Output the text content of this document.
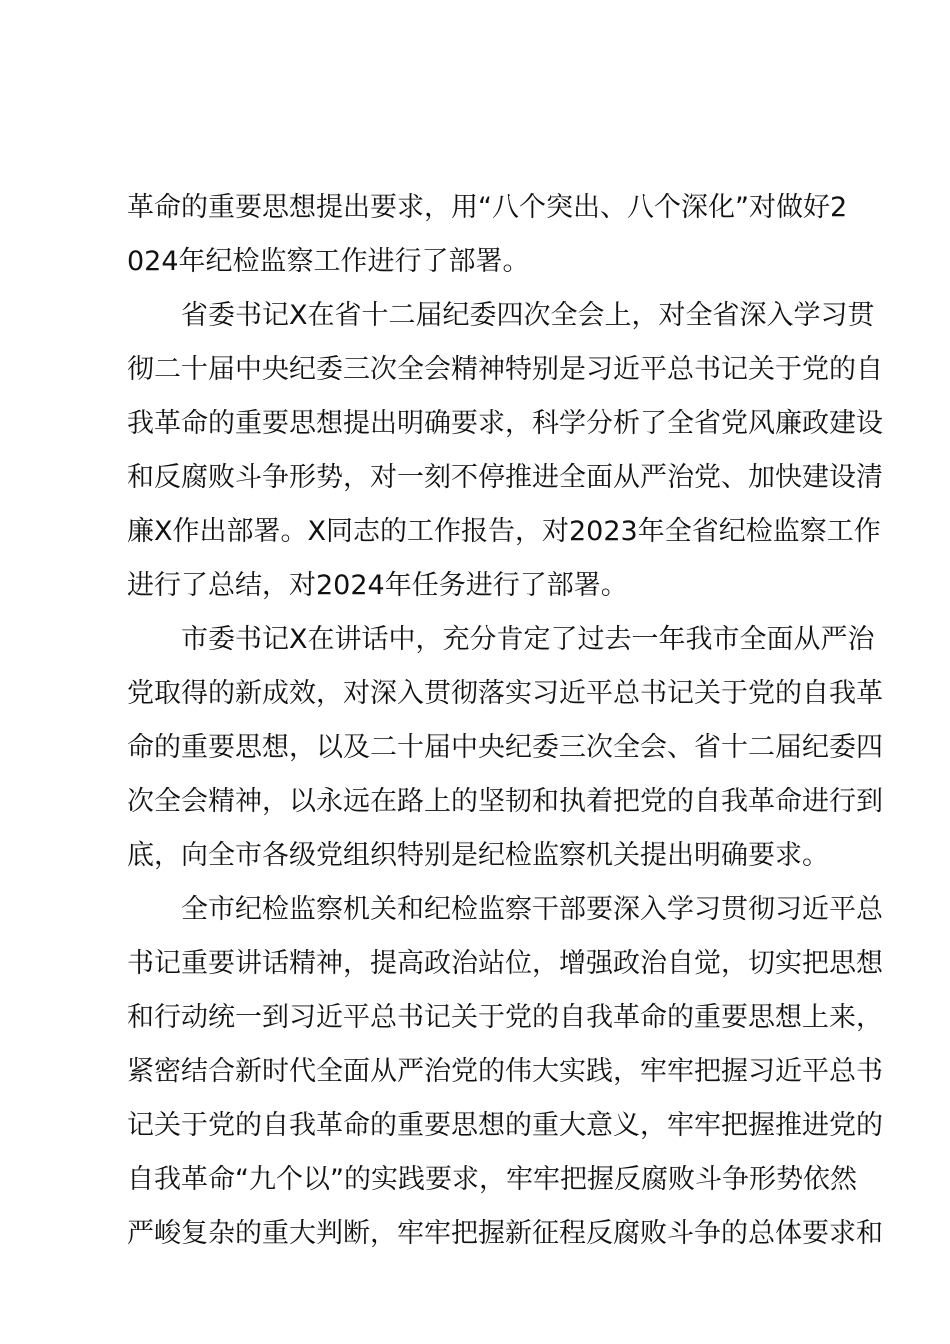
革命的重要思想提出要求，用“八个突出、八个深化”对做好2
024年纪检监察工作进行了部署。
省委书记X在省十二届纪委四次全会上，对全省深入学习贯
彻二十届中央纪委三次全会精神特别是习近平总书记关于党的自
我革命的重要思想提出明确要求，科学分析了全省党风廉政建设
和反腐败斗争形势，对一刻不停推进全面从严治党、加快建设清
廉X作出部署。X同志的工作报告，对2023年全省纪检监察工作
进行了总结，对2024年任务进行了部署。
市委书记X在讲话中，充分肯定了过去一年我市全面从严治
党取得的新成效，对深入贯彻落实习近平总书记关于党的自我革
命的重要思想，以及二十届中央纪委三次全会、省十二届纪委四
次全会精神，以永远在路上的坚韧和执着把党的自我革命进行到
底，向全市各级党组织特别是纪检监察机关提出明确要求。
全市纪检监察机关和纪检监察干部要深入学习贯彻习近平总
书记重要讲话精神，提高政治站位，增强政治自觉，切实把思想
和行动统一到习近平总书记关于党的自我革命的重要思想上来，
紧密结合新时代全面从严治党的伟大实践，牢牢把握习近平总书
记关于党的自我革命的重要思想的重大意义，牢牢把握推进党的
自我革命“九个以”的实践要求，牢牢把握反腐败斗争形势依然
严峻复杂的重大判断，牢牢把握新征程反腐败斗争的总体要求和
